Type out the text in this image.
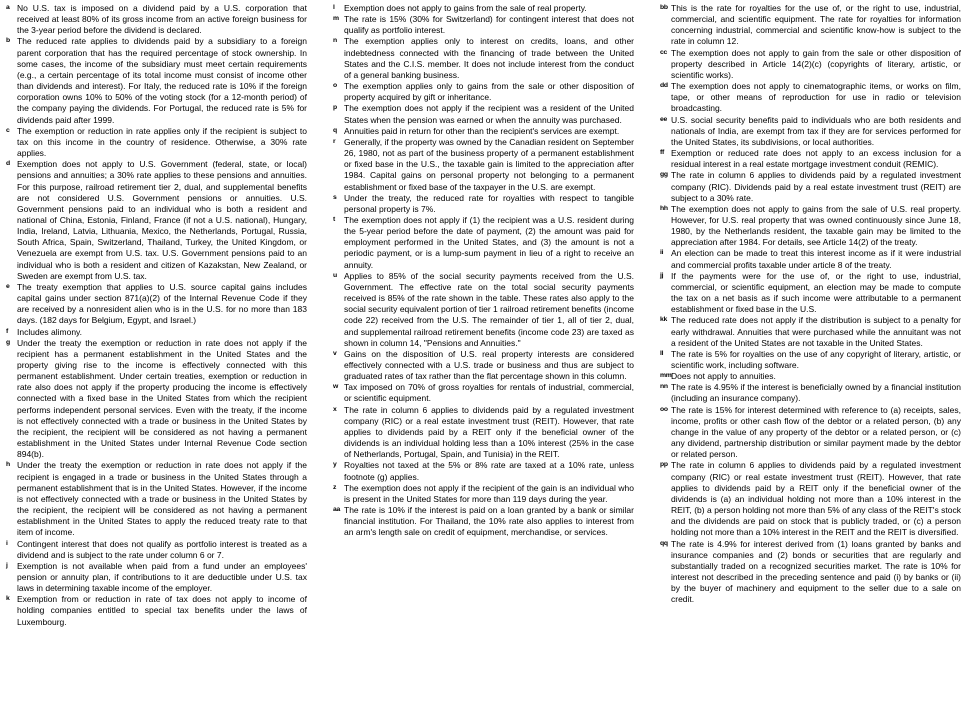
a No U.S. tax is imposed on a dividend paid by a U.S. corporation that received at least 80% of its gross income from an active foreign business for the 3-year period before the dividend is declared.
b The reduced rate applies to dividends paid by a subsidiary to a foreign parent corporation that has the required percentage of stock ownership. In some cases, the income of the subsidiary must meet certain requirements (e.g., a certain percentage of its total income must consist of income other than dividends and interest). For Italy, the reduced rate is 10% if the foreign corporation owns 10% to 50% of the voting stock (for a 12-month period) of the company paying the dividends. For Portugal, the reduced rate is 5% for dividends paid after 1999.
c The exemption or reduction in rate applies only if the recipient is subject to tax on this income in the country of residence. Otherwise, a 30% rate applies.
d Exemption does not apply to U.S. Government (federal, state, or local) pensions and annuities; a 30% rate applies to these pensions and annuities. For this purpose, railroad retirement tier 2, dual, and supplemental benefits are not considered U.S. Government pensions or annuities. U.S. Government pensions paid to an individual who is both a resident and national of China, Estonia, Finland, France (if not a U.S. national), Hungary, India, Ireland, Latvia, Lithuania, Mexico, the Netherlands, Portugal, Russia, South Africa, Spain, Switzerland, Thailand, Turkey, the United Kingdom, or Venezuela are exempt from U.S. tax. U.S. Government pensions paid to an individual who is both a resident and citizen of Kazakstan, New Zealand, or Sweden are exempt from U.S. tax.
e The treaty exemption that applies to U.S. source capital gains includes capital gains under section 871(a)(2) of the Internal Revenue Code if they are received by a nonresident alien who is in the U.S. for no more than 183 days. (182 days for Belgium, Egypt, and Israel.)
f Includes alimony.
g Under the treaty the exemption or reduction in rate does not apply if the recipient has a permanent establishment in the United States and the property giving rise to the income is effectively connected with this permanent establishment. Under certain treaties, exemption or reduction in rate also does not apply if the property producing the income is effectively connected with a fixed base in the United States from which the recipient performs independent personal services. Even with the treaty, if the income is not effectively connected with a trade or business in the United States by the recipient, the recipient will be considered as not having a permanent establishment in the United States under Internal Revenue Code section 894(b).
h Under the treaty the exemption or reduction in rate does not apply if the recipient is engaged in a trade or business in the United States through a permanent establishment that is in the United States. However, if the income is not effectively connected with a trade or business in the United States by the recipient, the recipient will be considered as not having a permanent establishment in the United States to apply the reduced treaty rate to that item of income.
i Contingent interest that does not qualify as portfolio interest is treated as a dividend and is subject to the rate under column 6 or 7.
j Exemption is not available when paid from a fund under an employees' pension or annuity plan, if contributions to it are deductible under U.S. tax laws in determining taxable income of the employer.
k Exemption from or reduction in rate of tax does not apply to income of holding companies entitled to special tax benefits under the laws of Luxembourg.
l Exemption does not apply to gains from the sale of real property.
m The rate is 15% (30% for Switzerland) for contingent interest that does not qualify as portfolio interest.
n The exemption applies only to interest on credits, loans, and other indebtedness connected with the financing of trade between the United States and the C.I.S. member. It does not include interest from the conduct of a general banking business.
o The exemption applies only to gains from the sale or other disposition of property acquired by gift or inheritance.
p The exemption does not apply if the recipient was a resident of the United States when the pension was earned or when the annuity was purchased.
q Annuities paid in return for other than the recipient's services are exempt.
r Generally, if the property was owned by the Canadian resident on September 26, 1980, not as part of the business property of a permanent establishment or fixed base in the U.S., the taxable gain is limited to the appreciation after 1984. Capital gains on personal property not belonging to a permanent establishment or fixed base of the taxpayer in the U.S. are exempt.
s Under the treaty, the reduced rate for royalties with respect to tangible personal property is 7%.
t The exemption does not apply if (1) the recipient was a U.S. resident during the 5-year period before the date of payment, (2) the amount was paid for employment performed in the United States, and (3) the amount is not a periodic payment, or is a lump-sum payment in lieu of a right to receive an annuity.
u Applies to 85% of the social security payments received from the U.S. Government. The effective rate on the total social security payments received is 85% of the rate shown in the table. These rates also apply to the social security equivalent portion of tier 1 railroad retirement benefits (income code 22) received from the U.S. The remainder of tier 1, all of tier 2, dual, and supplemental railroad retirement benefits (income code 23) are taxed as shown in column 14, "Pensions and Annuities."
v Gains on the disposition of U.S. real property interests are considered effectively connected with a U.S. trade or business and thus are subject to graduated rates of tax rather than the flat percentage shown in this column.
w Tax imposed on 70% of gross royalties for rentals of industrial, commercial, or scientific equipment.
x The rate in column 6 applies to dividends paid by a regulated investment company (RIC) or a real estate investment trust (REIT). However, that rate applies to dividends paid by a REIT only if the beneficial owner of the dividends is an individual holding less than a 10% interest (25% in the case of Netherlands, Portugal, Spain, and Tunisia) in the REIT.
y Royalties not taxed at the 5% or 8% rate are taxed at a 10% rate, unless footnote (g) applies.
z The exemption does not apply if the recipient of the gain is an individual who is present in the United States for more than 119 days during the year.
aa The rate is 10% if the interest is paid on a loan granted by a bank or similar financial institution. For Thailand, the 10% rate also applies to interest from an arm's length sale on credit of equipment, merchandise, or services.
bb This is the rate for royalties for the use of, or the right to use, industrial, commercial, and scientific equipment. The rate for royalties for information concerning industrial, commercial and scientific know-how is subject to the rate in column 12.
cc The exemption does not apply to gain from the sale or other disposition of property described in Article 14(2)(c) (copyrights of literary, artistic, or scientific works).
dd The exemption does not apply to cinematographic items, or works on film, tape, or other means of reproduction for use in radio or television broadcasting.
ee U.S. social security benefits paid to individuals who are both residents and nationals of India, are exempt from tax if they are for services performed for the United States, its subdivisions, or local authorities.
ff Exemption or reduced rate does not apply to an excess inclusion for a residual interest in a real estate mortgage investment conduit (REMIC).
gg The rate in column 6 applies to dividends paid by a regulated investment company (RIC). Dividends paid by a real estate investment trust (REIT) are subject to a 30% rate.
hh The exemption does not apply to gains from the sale of U.S. real property. However, for U.S. real property that was owned continuously since June 18, 1980, by the Netherlands resident, the taxable gain may be limited to the appreciation after 1984. For details, see Article 14(2) of the treaty.
ii An election can be made to treat this interest income as if it were industrial and commercial profits taxable under article 8 of the treaty.
jj If the payments were for the use of, or the right to use, industrial, commercial, or scientific equipment, an election may be made to compute the tax on a net basis as if such income were attributable to a permanent establishment or fixed base in the U.S.
kk The reduced rate does not apply if the distribution is subject to a penalty for early withdrawal. Annuities that were purchased while the annuitant was not a resident of the United States are not taxable in the United States.
ll The rate is 5% for royalties on the use of any copyright of literary, artistic, or scientific work, including software.
mm Does not apply to annuities.
nn The rate is 4.95% if the interest is beneficially owned by a financial institution (including an insurance company).
oo The rate is 15% for interest determined with reference to (a) receipts, sales, income, profits or other cash flow of the debtor or a related person, (b) any change in the value of any property of the debtor or a related person, or (c) any dividend, partnership distribution or similar payment made by the debtor or related person.
pp The rate in column 6 applies to dividends paid by a regulated investment company (RIC) or real estate investment trust (REIT). However, that rate applies to dividends paid by a REIT only if the beneficial owner of the dividends is (a) an individual holding not more than a 10% interest in the REIT, (b) a person holding not more than 5% of any class of the REIT's stock and the dividends are paid on stock that is publicly traded, or (c) a person holding not more than a 10% interest in the REIT and the REIT is diversified.
qq The rate is 4.9% for interest derived from (1) loans granted by banks and insurance companies and (2) bonds or securities that are regularly and substantially traded on a recognized securities market. The rate is 10% for interest not described in the preceding sentence and paid (i) by banks or (ii) by the buyer of machinery and equipment to the seller due to a sale on credit.
